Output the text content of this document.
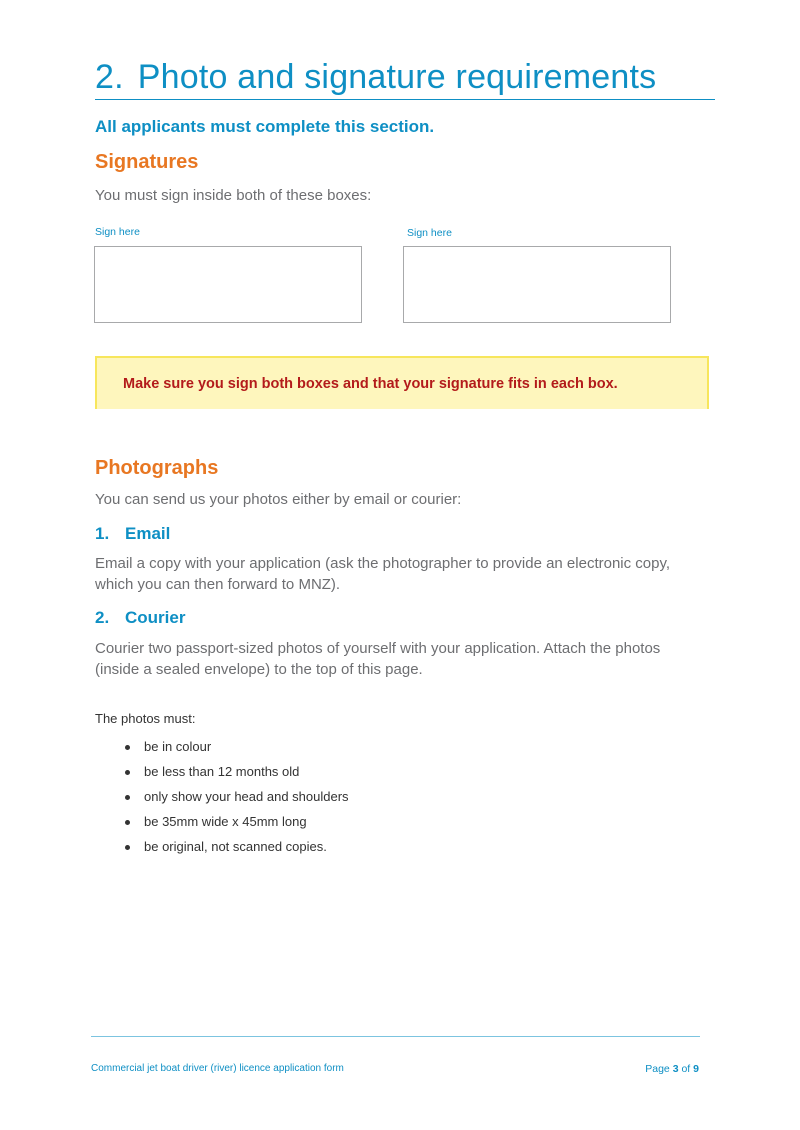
2. Photo and signature requirements
All applicants must complete this section.
Signatures
You must sign inside both of these boxes:
Sign here	Sign here
Make sure you sign both boxes and that your signature fits in each box.
Photographs
You can send us your photos either by email or courier:
1. Email
Email a copy with your application (ask the photographer to provide an electronic copy,
which you can then forward to MNZ).
2. Courier
Courier two passport-sized photos of yourself with your application. Attach the photos
(inside a sealed envelope) to the top of this page.
The photos must:
be in colour
be less than 12 months old
only show your head and shoulders
be 35mm wide x 45mm long
be original, not scanned copies.
Commercial jet boat driver (river) licence application form	Page 3 of 9
